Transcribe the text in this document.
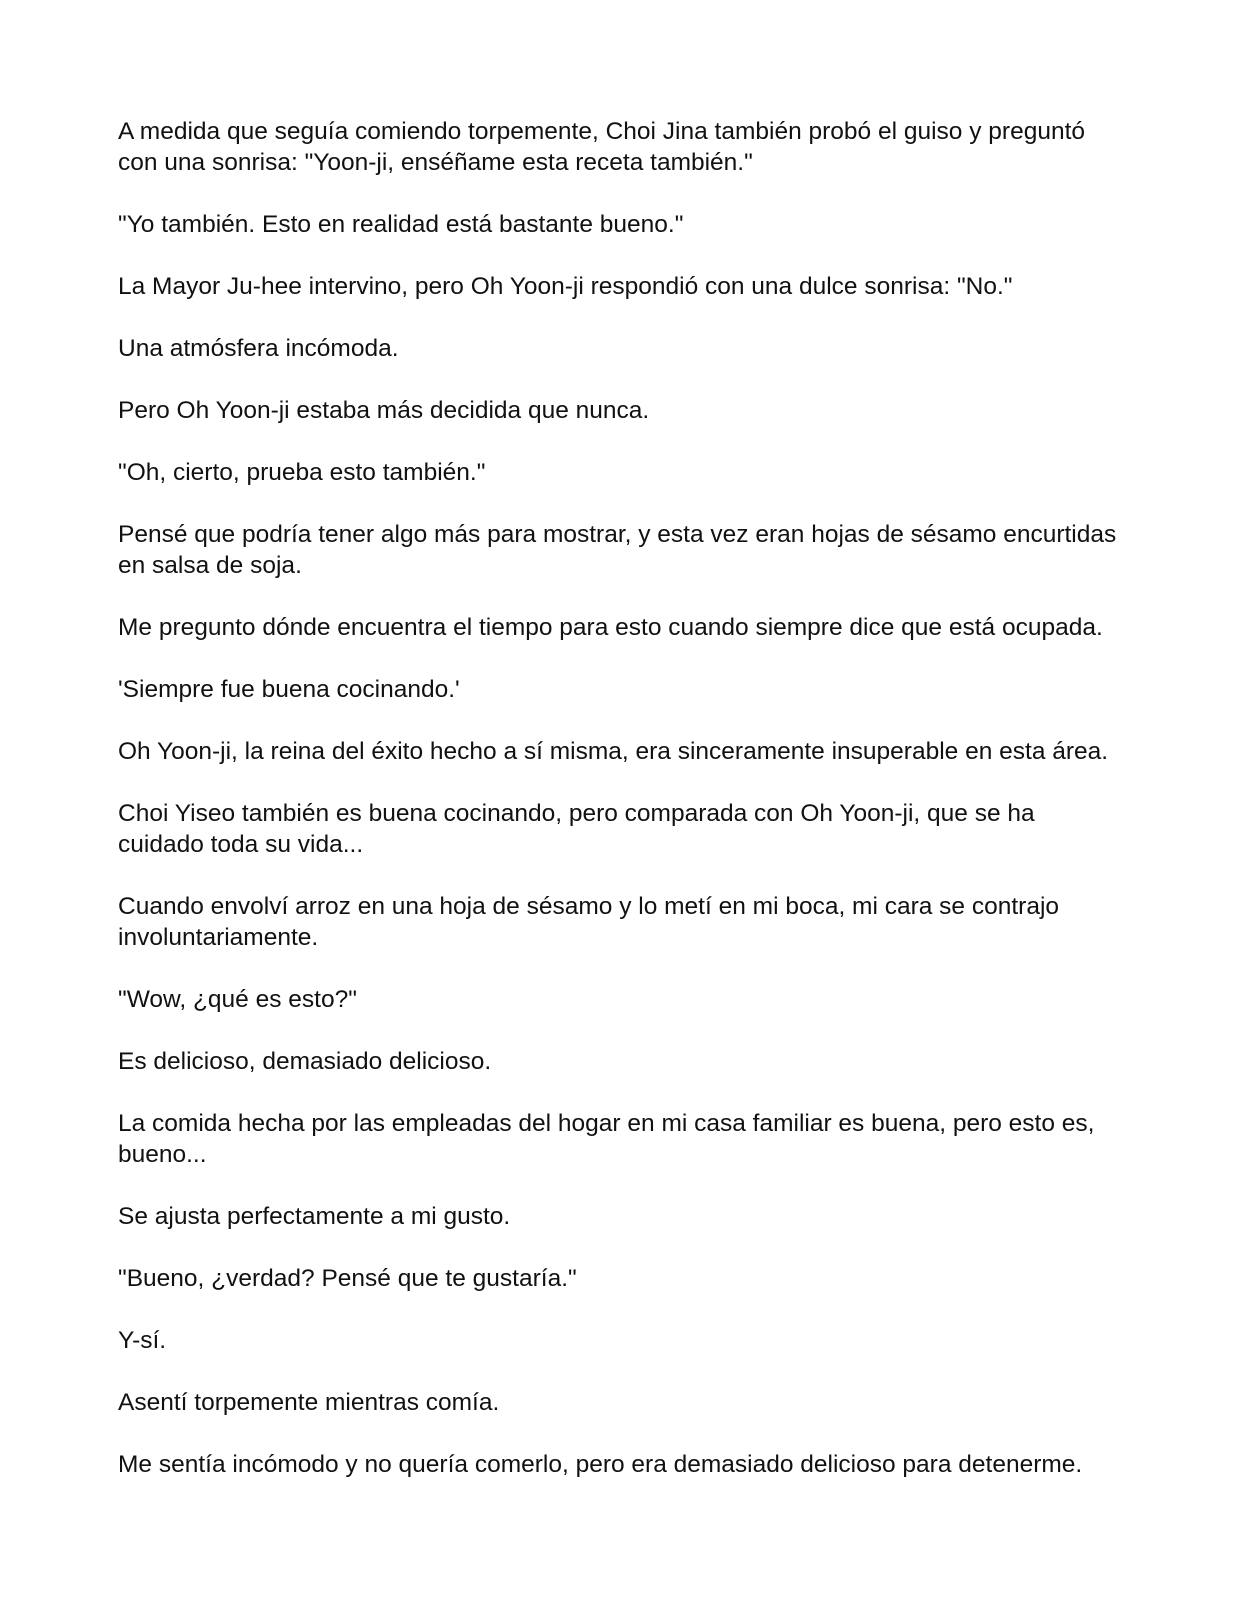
A medida que seguía comiendo torpemente, Choi Jina también probó el guiso y preguntó con una sonrisa: "Yoon-ji, enséñame esta receta también."

"Yo también. Esto en realidad está bastante bueno."

La Mayor Ju-hee intervino, pero Oh Yoon-ji respondió con una dulce sonrisa: "No."

Una atmósfera incómoda.

Pero Oh Yoon-ji estaba más decidida que nunca.

"Oh, cierto, prueba esto también."

Pensé que podría tener algo más para mostrar, y esta vez eran hojas de sésamo encurtidas en salsa de soja.

Me pregunto dónde encuentra el tiempo para esto cuando siempre dice que está ocupada.

'Siempre fue buena cocinando.'

Oh Yoon-ji, la reina del éxito hecho a sí misma, era sinceramente insuperable en esta área.

Choi Yiseo también es buena cocinando, pero comparada con Oh Yoon-ji, que se ha cuidado toda su vida...

Cuando envolví arroz en una hoja de sésamo y lo metí en mi boca, mi cara se contrajo involuntariamente.

"Wow, ¿qué es esto?"

Es delicioso, demasiado delicioso.

La comida hecha por las empleadas del hogar en mi casa familiar es buena, pero esto es, bueno...

Se ajusta perfectamente a mi gusto.

"Bueno, ¿verdad? Pensé que te gustaría."

Y-sí.

Asentí torpemente mientras comía.

Me sentía incómodo y no quería comerlo, pero era demasiado delicioso para detenerme.
